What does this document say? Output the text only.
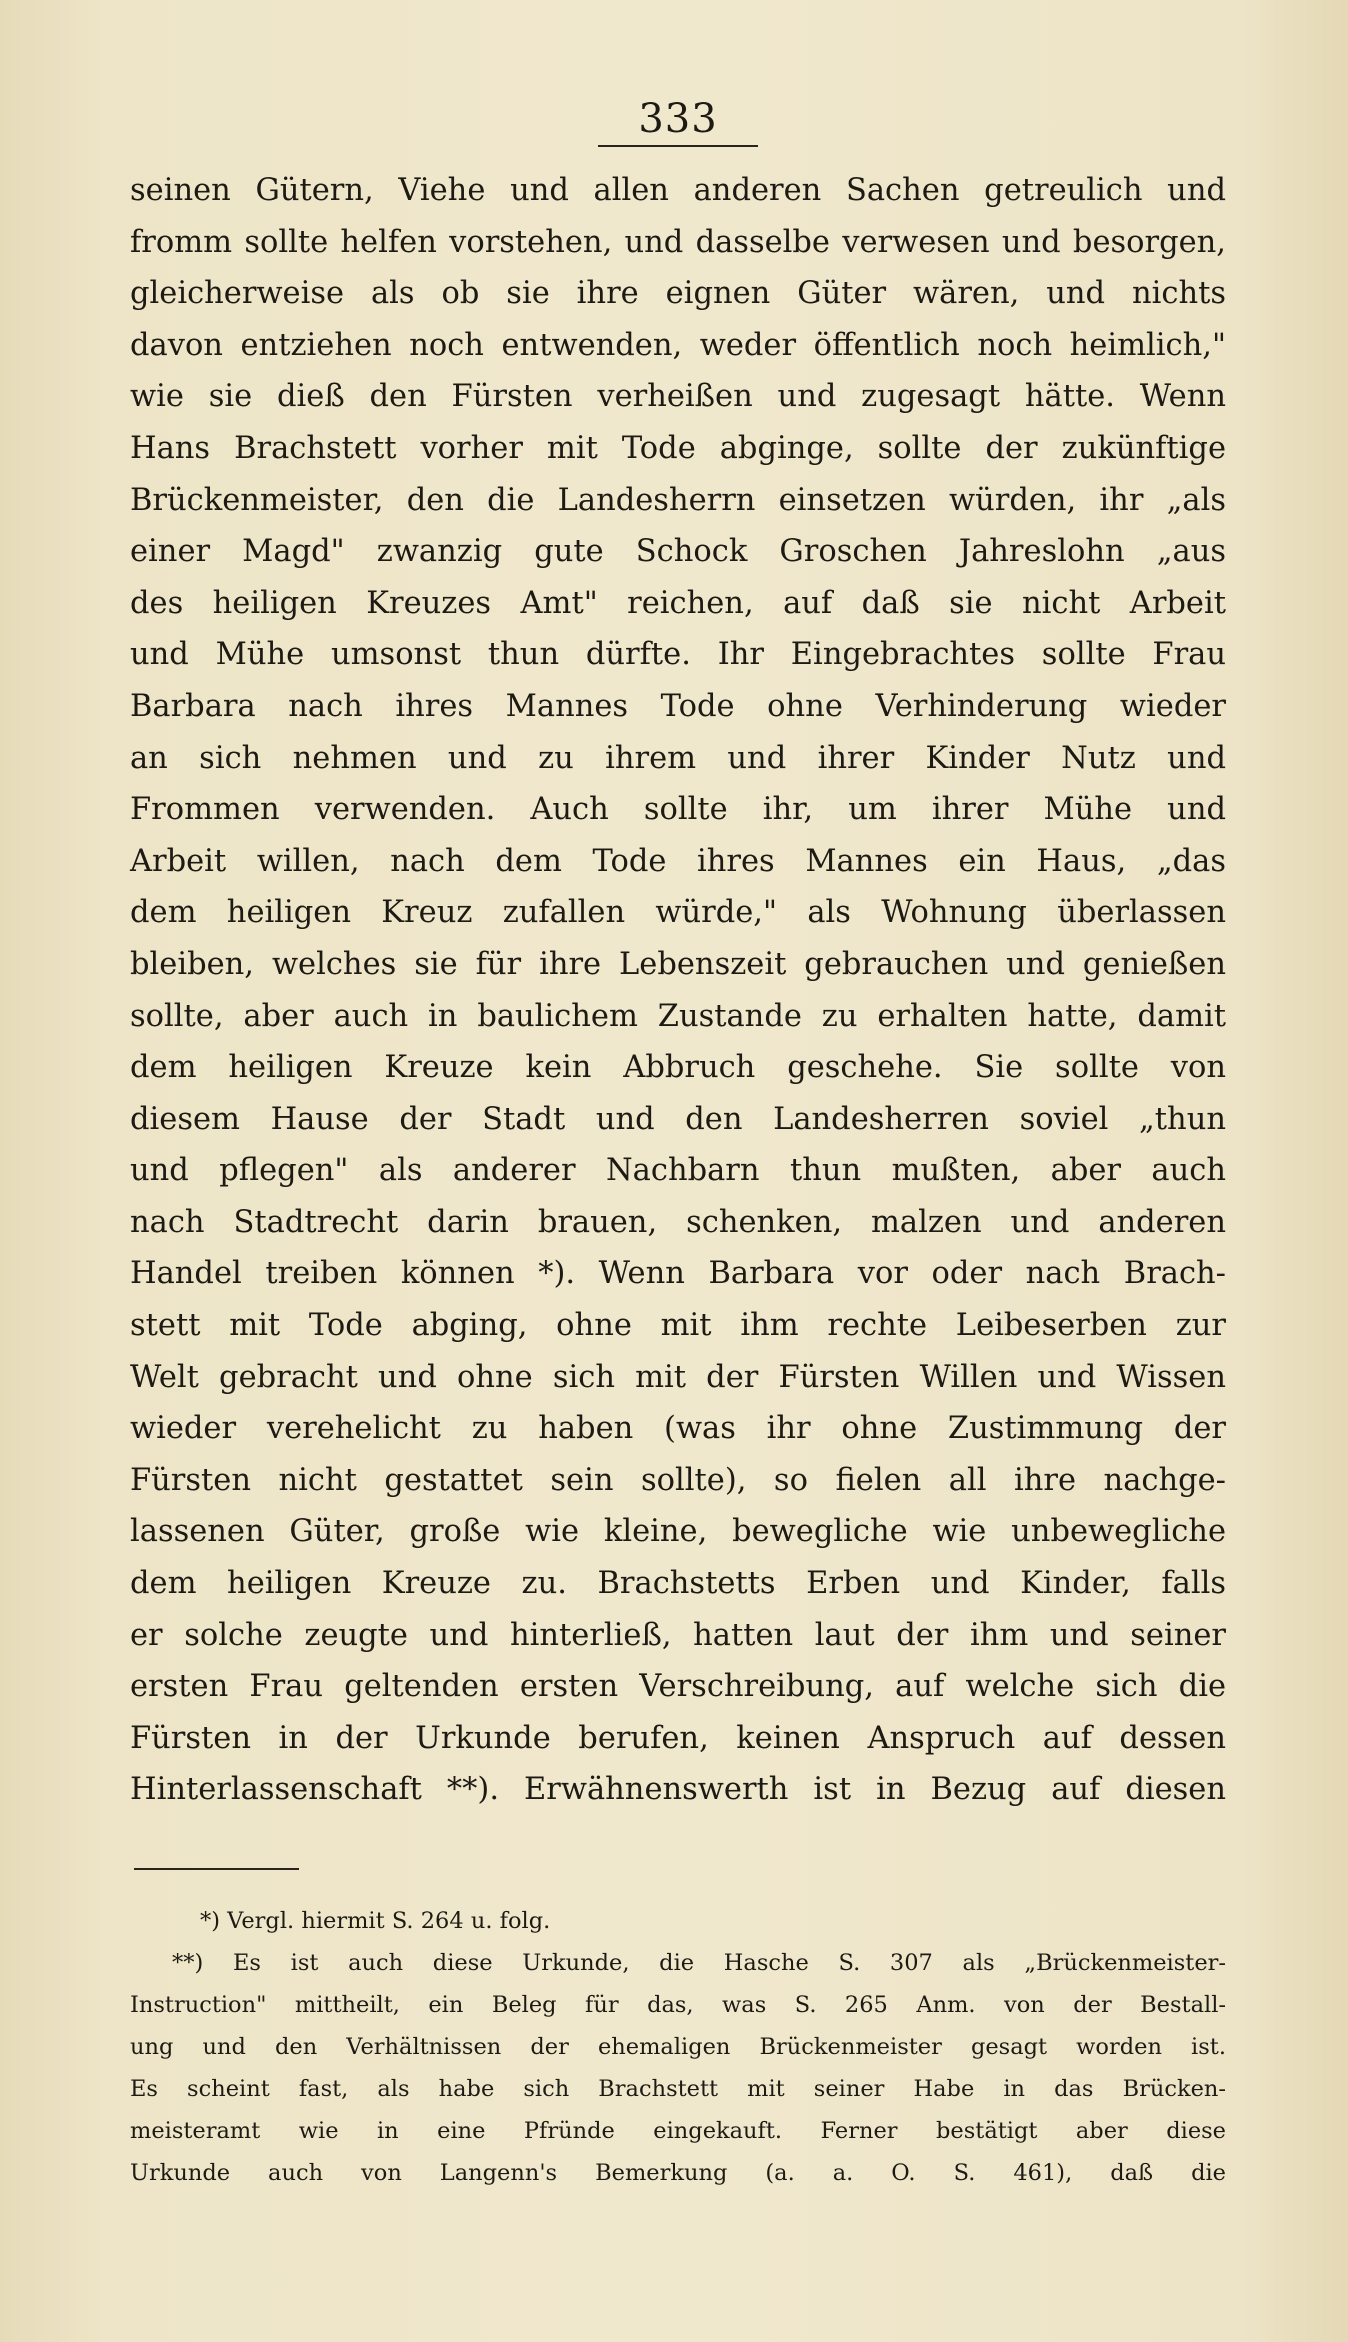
333
seinen Gütern, Viehe und allen anderen Sachen getreulich und
fromm sollte helfen vorstehen, und dasselbe verwesen und besorgen,
gleicherweise als ob sie ihre eignen Güter wären, und nichts
davon entziehen noch entwenden, weder öffentlich noch heimlich,"
wie sie dieß den Fürsten verheißen und zugesagt hätte. Wenn
Hans Brachstett vorher mit Tode abginge, sollte der zukünftige
Brückenmeister, den die Landesherrn einsetzen würden, ihr „als
einer Magd" zwanzig gute Schock Groschen Jahreslohn „aus
des heiligen Kreuzes Amt" reichen, auf daß sie nicht Arbeit
und Mühe umsonst thun dürfte. Ihr Eingebrachtes sollte Frau
Barbara nach ihres Mannes Tode ohne Verhinderung wieder
an sich nehmen und zu ihrem und ihrer Kinder Nutz und
Frommen verwenden. Auch sollte ihr, um ihrer Mühe und
Arbeit willen, nach dem Tode ihres Mannes ein Haus, „das
dem heiligen Kreuz zufallen würde," als Wohnung überlassen
bleiben, welches sie für ihre Lebenszeit gebrauchen und genießen
sollte, aber auch in baulichem Zustande zu erhalten hatte, damit
dem heiligen Kreuze kein Abbruch geschehe. Sie sollte von
diesem Hause der Stadt und den Landesherren soviel „thun
und pflegen" als anderer Nachbarn thun mußten, aber auch
nach Stadtrecht darin brauen, schenken, malzen und anderen
Handel treiben können *). Wenn Barbara vor oder nach Brach-
stett mit Tode abging, ohne mit ihm rechte Leibeserben zur
Welt gebracht und ohne sich mit der Fürsten Willen und Wissen
wieder verehelicht zu haben (was ihr ohne Zustimmung der
Fürsten nicht gestattet sein sollte), so fielen all ihre nachge-
lassenen Güter, große wie kleine, bewegliche wie unbewegliche
dem heiligen Kreuze zu. Brachstetts Erben und Kinder, falls
er solche zeugte und hinterließ, hatten laut der ihm und seiner
ersten Frau geltenden ersten Verschreibung, auf welche sich die
Fürsten in der Urkunde berufen, keinen Anspruch auf dessen
Hinterlassenschaft **). Erwähnenswerth ist in Bezug auf diesen
*) Vergl. hiermit S. 264 u. folg.
**) Es ist auch diese Urkunde, die Hasche S. 307 als „Brückenmeister-
Instruction" mittheilt, ein Beleg für das, was S. 265 Anm. von der Bestall-
ung und den Verhältnissen der ehemaligen Brückenmeister gesagt worden ist.
Es scheint fast, als habe sich Brachstett mit seiner Habe in das Brücken-
meisteramt wie in eine Pfründe eingekauft. Ferner bestätigt aber diese
Urkunde auch von Langenn's Bemerkung (a. a. O. S. 461), daß die
